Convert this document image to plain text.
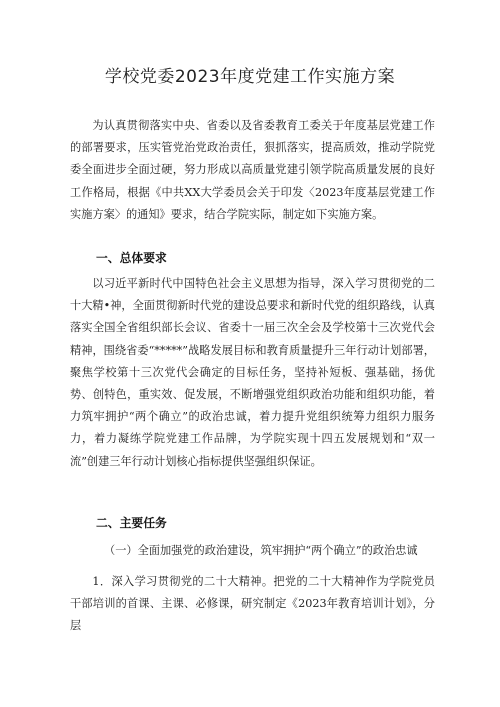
学校党委2023年度党建工作实施方案
为认真贯彻落实中央、省委以及省委教育工委关于年度基层党建工作的部署要求，压实管党治党政治责任，狠抓落实，提高质效，推动学院党委全面进步全面过硬，努力形成以高质量党建引领学院高质量发展的良好工作格局，根据《中共XX大学委员会关于印发〈2023年度基层党建工作实施方案〉的通知》要求，结合学院实际，制定如下实施方案。
一、总体要求
以习近平新时代中国特色社会主义思想为指导，深入学习贯彻党的二十大精•神，全面贯彻新时代党的建设总要求和新时代党的组织路线，认真落实全国全省组织部长会议、省委十一届三次全会及学校第十三次党代会精神，围绕省委“*****”战略发展目标和教育质量提升三年行动计划部署，聚焦学校第十三次党代会确定的目标任务，坚持补短板、强基础，扬优势、创特色，重实效、促发展，不断增强党组织政治功能和组织功能，着力筑牢拥护“两个确立”的政治忠诚，着力提升党组织统筹力组织力服务力，着力凝练学院党建工作品牌，为学院实现十四五发展规划和“双一流”创建三年行动计划核心指标提供坚强组织保证。
二、主要任务
（一）全面加强党的政治建设，筑牢拥护“两个确立”的政治忠诚
1．深入学习贯彻党的二十大精神。把党的二十大精神作为学院党员干部培训的首课、主课、必修课，研究制定《2023年教育培训计划》，分层
